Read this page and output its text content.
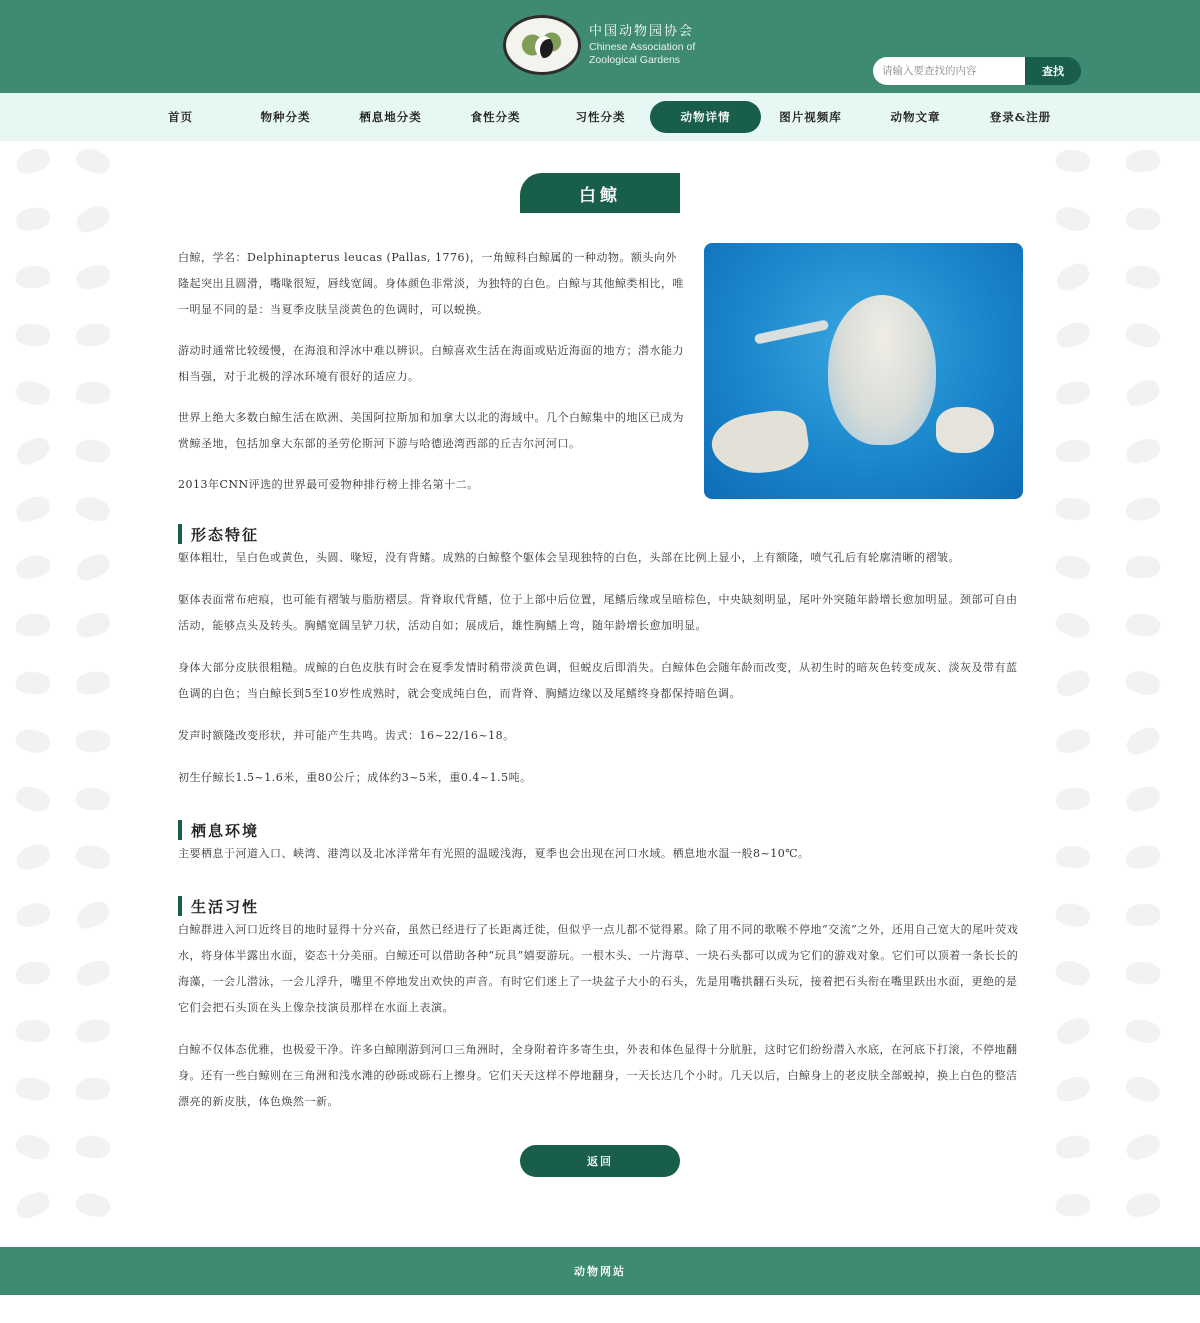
中国动物园协会
Chinese Association of
Zoological Gardens
请输入要查找的内容
查找
首页	物种分类	栖息地分类	食性分类	习性分类	动物详情	图片视频库	动物文章	登录&注册
白鲸

白鲸，学名：Delphinapterus leucas (Pallas, 1776)，一角鲸科白鲸属的一种动物。额头向外隆起突出且圆滑，嘴喙很短，唇线宽阔。身体颜色非常淡，为独特的白色。白鲸与其他鲸类相比，唯一明显不同的是：当夏季皮肤呈淡黄色的色调时，可以蜕换。

游动时通常比较缓慢，在海浪和浮冰中难以辨识。白鲸喜欢生活在海面或贴近海面的地方；潜水能力相当强，对于北极的浮冰环境有很好的适应力。

世界上绝大多数白鲸生活在欧洲、美国阿拉斯加和加拿大以北的海域中。几个白鲸集中的地区已成为赏鲸圣地，包括加拿大东部的圣劳伦斯河下游与哈德逊湾西部的丘吉尔河河口。

2013年CNN评选的世界最可爱物种排行榜上排名第十二。

形态特征

躯体粗壮，呈白色或黄色，头圆、喙短，没有背鳍。成熟的白鲸整个躯体会呈现独特的白色，头部在比例上显小，上有额隆，喷气孔后有轮廓清晰的褶皱。

躯体表面常布疤痕，也可能有褶皱与脂肪褶层。背脊取代背鳍，位于上部中后位置，尾鳍后缘或呈暗棕色，中央缺刻明显，尾叶外突随年龄增长愈加明显。颈部可自由活动，能够点头及转头。胸鳍宽阔呈铲刀状，活动自如；展成后，雄性胸鳍上弯，随年龄增长愈加明显。

身体大部分皮肤很粗糙。成鲸的白色皮肤有时会在夏季发情时稍带淡黄色调，但蜕皮后即消失。白鲸体色会随年龄而改变，从初生时的暗灰色转变成灰、淡灰及带有蓝色调的白色；当白鲸长到5至10岁性成熟时，就会变成纯白色，而背脊、胸鳍边缘以及尾鳍终身都保持暗色调。

发声时额隆改变形状，并可能产生共鸣。齿式：16~22/16~18。

初生仔鲸长1.5~1.6米，重80公斤；成体约3~5米，重0.4~1.5吨。

栖息环境

主要栖息于河道入口、峡湾、港湾以及北冰洋常年有光照的温暖浅海，夏季也会出现在河口水域。栖息地水温一般8~10℃。

生活习性

白鲸群进入河口近终目的地时显得十分兴奋，虽然已经进行了长距离迁徙，但似乎一点儿都不觉得累。除了用不同的歌喉不停地“交流”之外，还用自己宽大的尾叶荧戏水，将身体半露出水面，姿态十分美丽。白鲸还可以借助各种“玩具”嬉耍游玩。一根木头、一片海草、一块石头都可以成为它们的游戏对象。它们可以顶着一条长长的海藻，一会儿潜泳，一会儿浮升，嘴里不停地发出欢快的声音。有时它们迷上了一块盆子大小的石头，先是用嘴拱翻石头玩，接着把石头衔在嘴里跃出水面，更绝的是它们会把石头顶在头上像杂技演员那样在水面上表演。

白鲸不仅体态优雅，也极爱干净。许多白鲸刚游到河口三角洲时，全身附着许多寄生虫，外表和体色显得十分肮脏，这时它们纷纷潜入水底，在河底下打滚，不停地翻身。还有一些白鲸则在三角洲和浅水滩的砂砾或砾石上擦身。它们天天这样不停地翻身，一天长达几个小时。几天以后，白鲸身上的老皮肤全部蜕掉，换上白色的整洁漂亮的新皮肤，体色焕然一新。

返回
动物网站
